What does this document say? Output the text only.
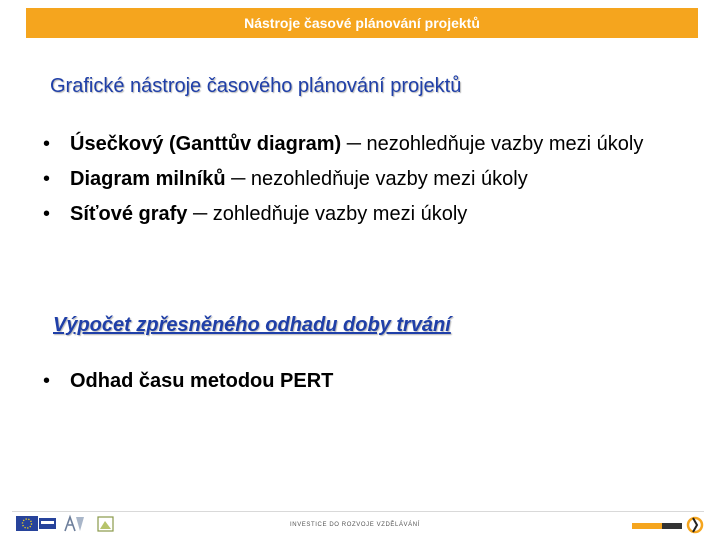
Nástroje časové plánování projektů
Grafické nástroje časového plánování projektů
• Úsečkový (Ganttův diagram) ─ nezohledňuje vazby mezi úkoly
• Diagram milníků ─ nezohledňuje vazby mezi úkoly
• Síťové grafy ─ zohledňuje vazby mezi úkoly
Výpočet zpřesněného odhadu doby trvání
• Odhad času metodou PERT
INVESTICE DO ROZVOJE VZDĚLÁVÁNÍ
